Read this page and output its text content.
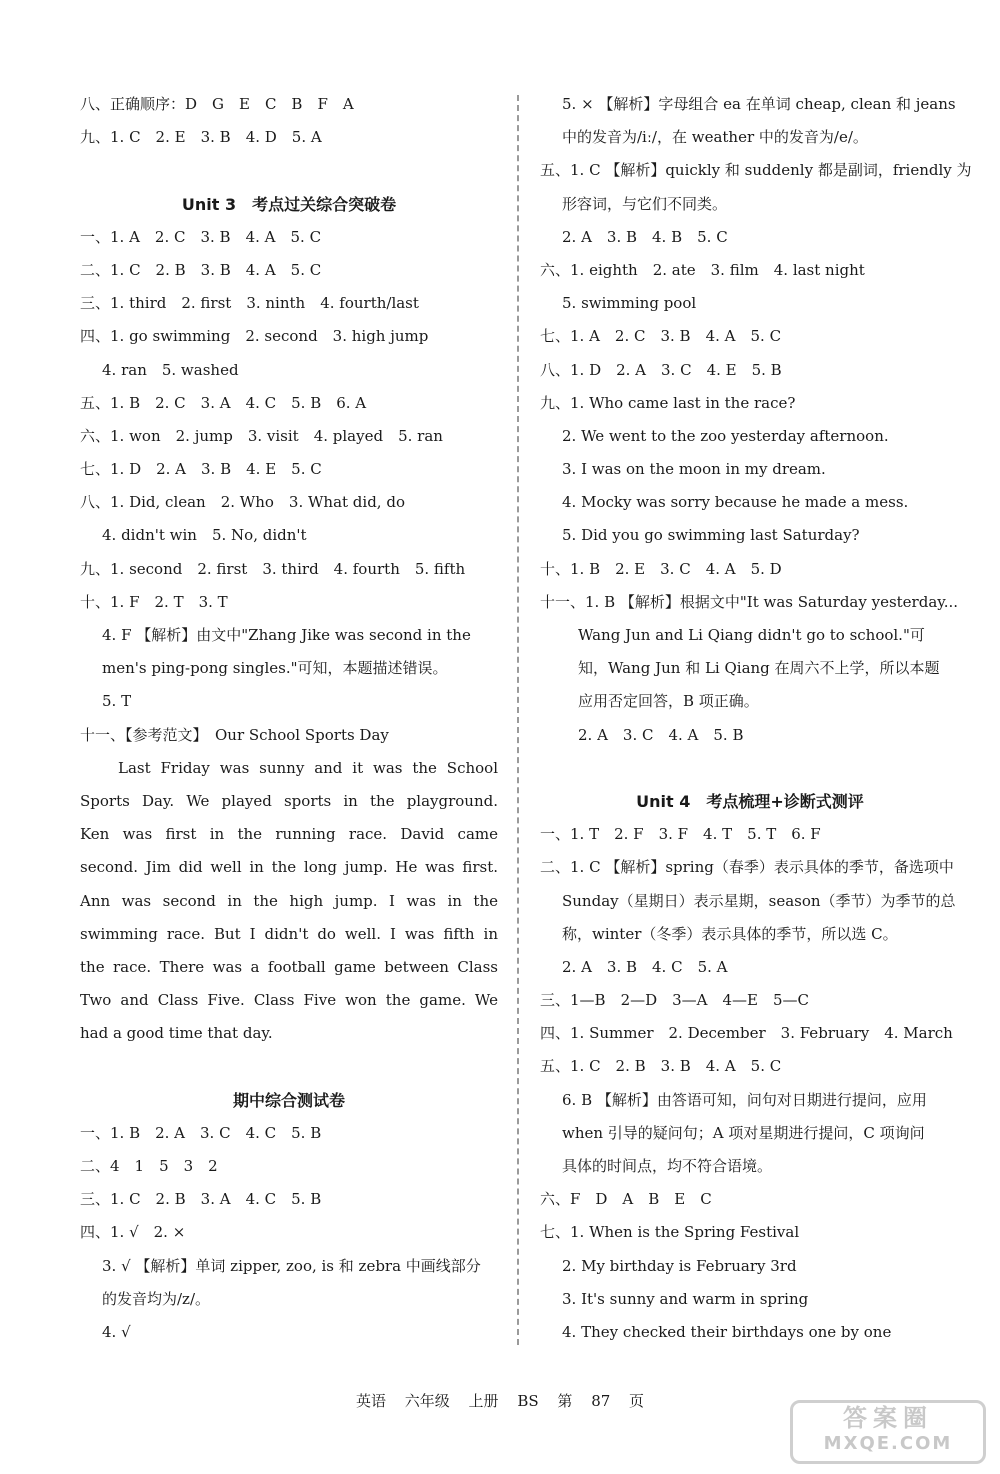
八、正确顺序：D　G　E　C　B　F　A
九、1. C　2. E　3. B　4. D　5. A
Unit 3　考点过关综合突破卷
一、1. A　2. C　3. B　4. A　5. C
二、1. C　2. B　3. B　4. A　5. C
三、1. third　2. first　3. ninth　4. fourth/last
四、1. go swimming　2. second　3. high jump
4. ran　5. washed
五、1. B　2. C　3. A　4. C　5. B　6. A
六、1. won　2. jump　3. visit　4. played　5. ran
七、1. D　2. A　3. B　4. E　5. C
八、1. Did, clean　2. Who　3. What did, do
4. didn't win　5. No, didn't
九、1. second　2. first　3. third　4. fourth　5. fifth
十、1. F　2. T　3. T
4. F 【解析】由文中"Zhang Jike was second in the
men's ping-pong singles."可知，本题描述错误。
5. T
十一、【参考范文】　Our School Sports Day
Last Friday was sunny and it was the School
Sports Day. We played sports in the playground.
Ken was first in the running race. David came
second. Jim did well in the long jump. He was first.
Ann was second in the high jump. I was in the
swimming race. But I didn't do well. I was fifth in
the race. There was a football game between Class
Two and Class Five. Class Five won the game. We
had a good time that day.
期中综合测试卷
一、1. B　2. A　3. C　4. C　5. B
二、4　1　5　3　2
三、1. C　2. B　3. A　4. C　5. B
四、1. √　2. ×
3. √ 【解析】单词 zipper, zoo, is 和 zebra 中画线部分
的发音均为/z/。
4. √
5. × 【解析】字母组合 ea 在单词 cheap, clean 和 jeans
中的发音为/iː/，在 weather 中的发音为/e/。
五、1. C 【解析】quickly 和 suddenly 都是副词，friendly 为
形容词，与它们不同类。
2. A　3. B　4. B　5. C
六、1. eighth　2. ate　3. film　4. last night
5. swimming pool
七、1. A　2. C　3. B　4. A　5. C
八、1. D　2. A　3. C　4. E　5. B
九、1. Who came last in the race?
2. We went to the zoo yesterday afternoon.
3. I was on the moon in my dream.
4. Mocky was sorry because he made a mess.
5. Did you go swimming last Saturday?
十、1. B　2. E　3. C　4. A　5. D
十一、1. B 【解析】根据文中"It was Saturday yesterday...
Wang Jun and Li Qiang didn't go to school."可
知，Wang Jun 和 Li Qiang 在周六不上学，所以本题
应用否定回答，B 项正确。
2. A　3. C　4. A　5. B
Unit 4　考点梳理+诊断式测评
一、1. T　2. F　3. F　4. T　5. T　6. F
二、1. C 【解析】spring（春季）表示具体的季节，备选项中
Sunday（星期日）表示星期，season（季节）为季节的总
称，winter（冬季）表示具体的季节，所以选 C。
2. A　3. B　4. C　5. A
三、1—B　2—D　3—A　4—E　5—C
四、1. Summer　2. December　3. February　4. March
五、1. C　2. B　3. B　4. A　5. C
6. B 【解析】由答语可知，问句对日期进行提问，应用
when 引导的疑问句；A 项对星期进行提问，C 项询问
具体的时间点，均不符合语境。
六、F　D　A　B　E　C
七、1. When is the Spring Festival
2. My birthday is February 3rd
3. It's sunny and warm in spring
4. They checked their birthdays one by one
英语 六年级 上册 BS 第 87 页
答案圈
MXQE.COM
